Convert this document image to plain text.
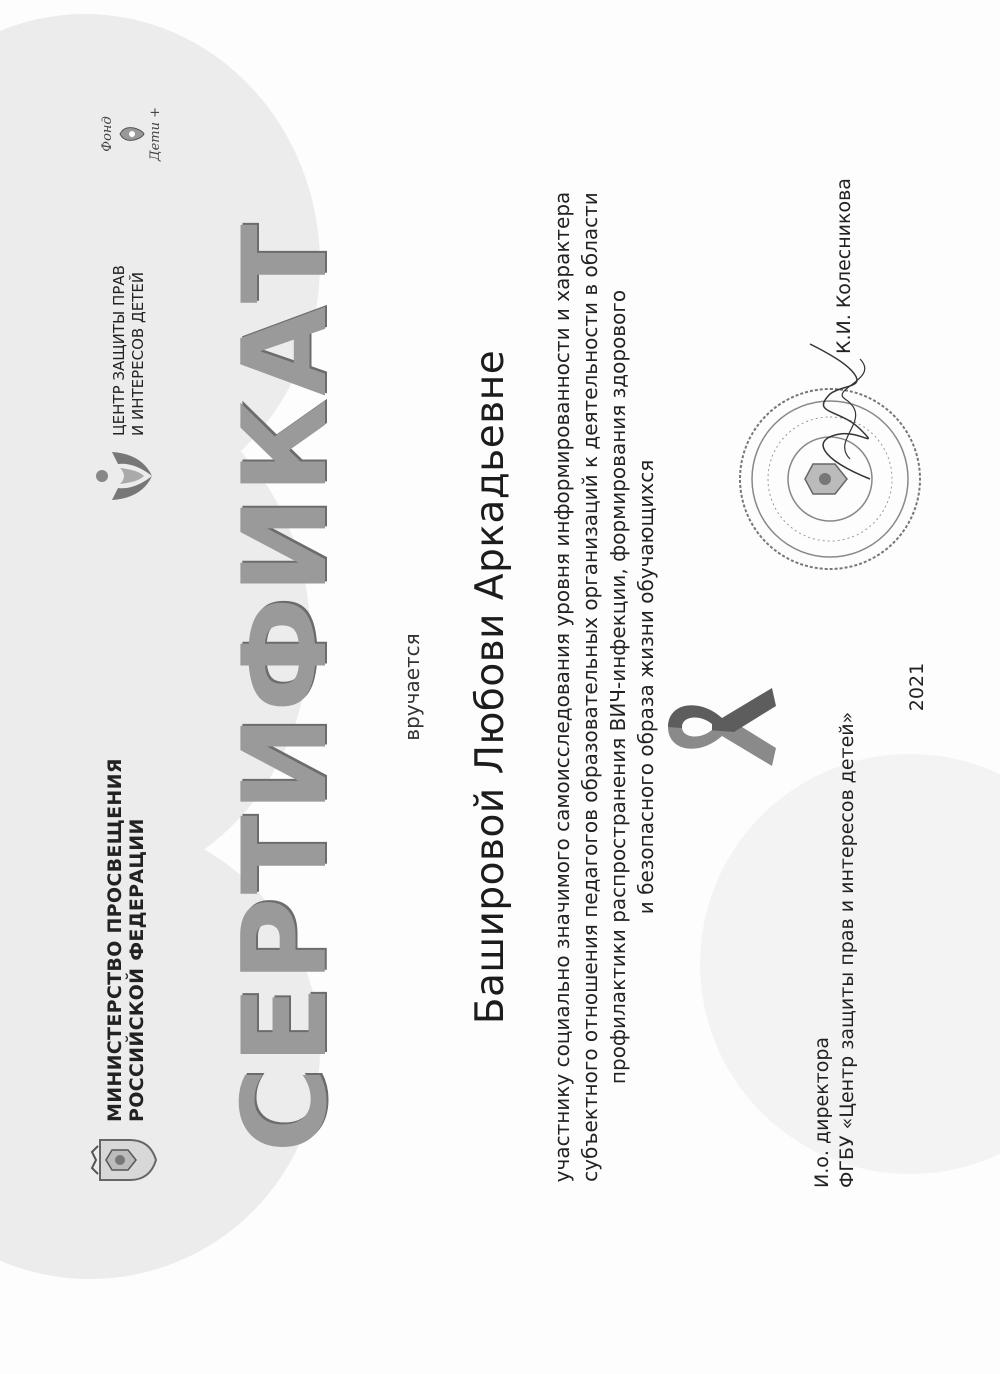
МИНИСТЕРСТВО ПРОСВЕЩЕНИЯ РОССИЙСКОЙ ФЕДЕРАЦИИ
ЦЕНТР ЗАЩИТЫ ПРАВ И ИНТЕРЕСОВ ДЕТЕЙ
Фонд	Дети +
СЕРТИФИКАТ вручается Башировой Любови Аркадьевне участнику социально значимого самоисследования уровня информированности и характера субъектного отношения педагогов образовательных организаций к деятельности в области профилактики распространения ВИЧ-инфекции, формирования здорового и безопасного образа жизни обучающихся
И.о. директора ФГБУ «Центр защиты прав и интересов детей»
К.И. Колесникова
2021
